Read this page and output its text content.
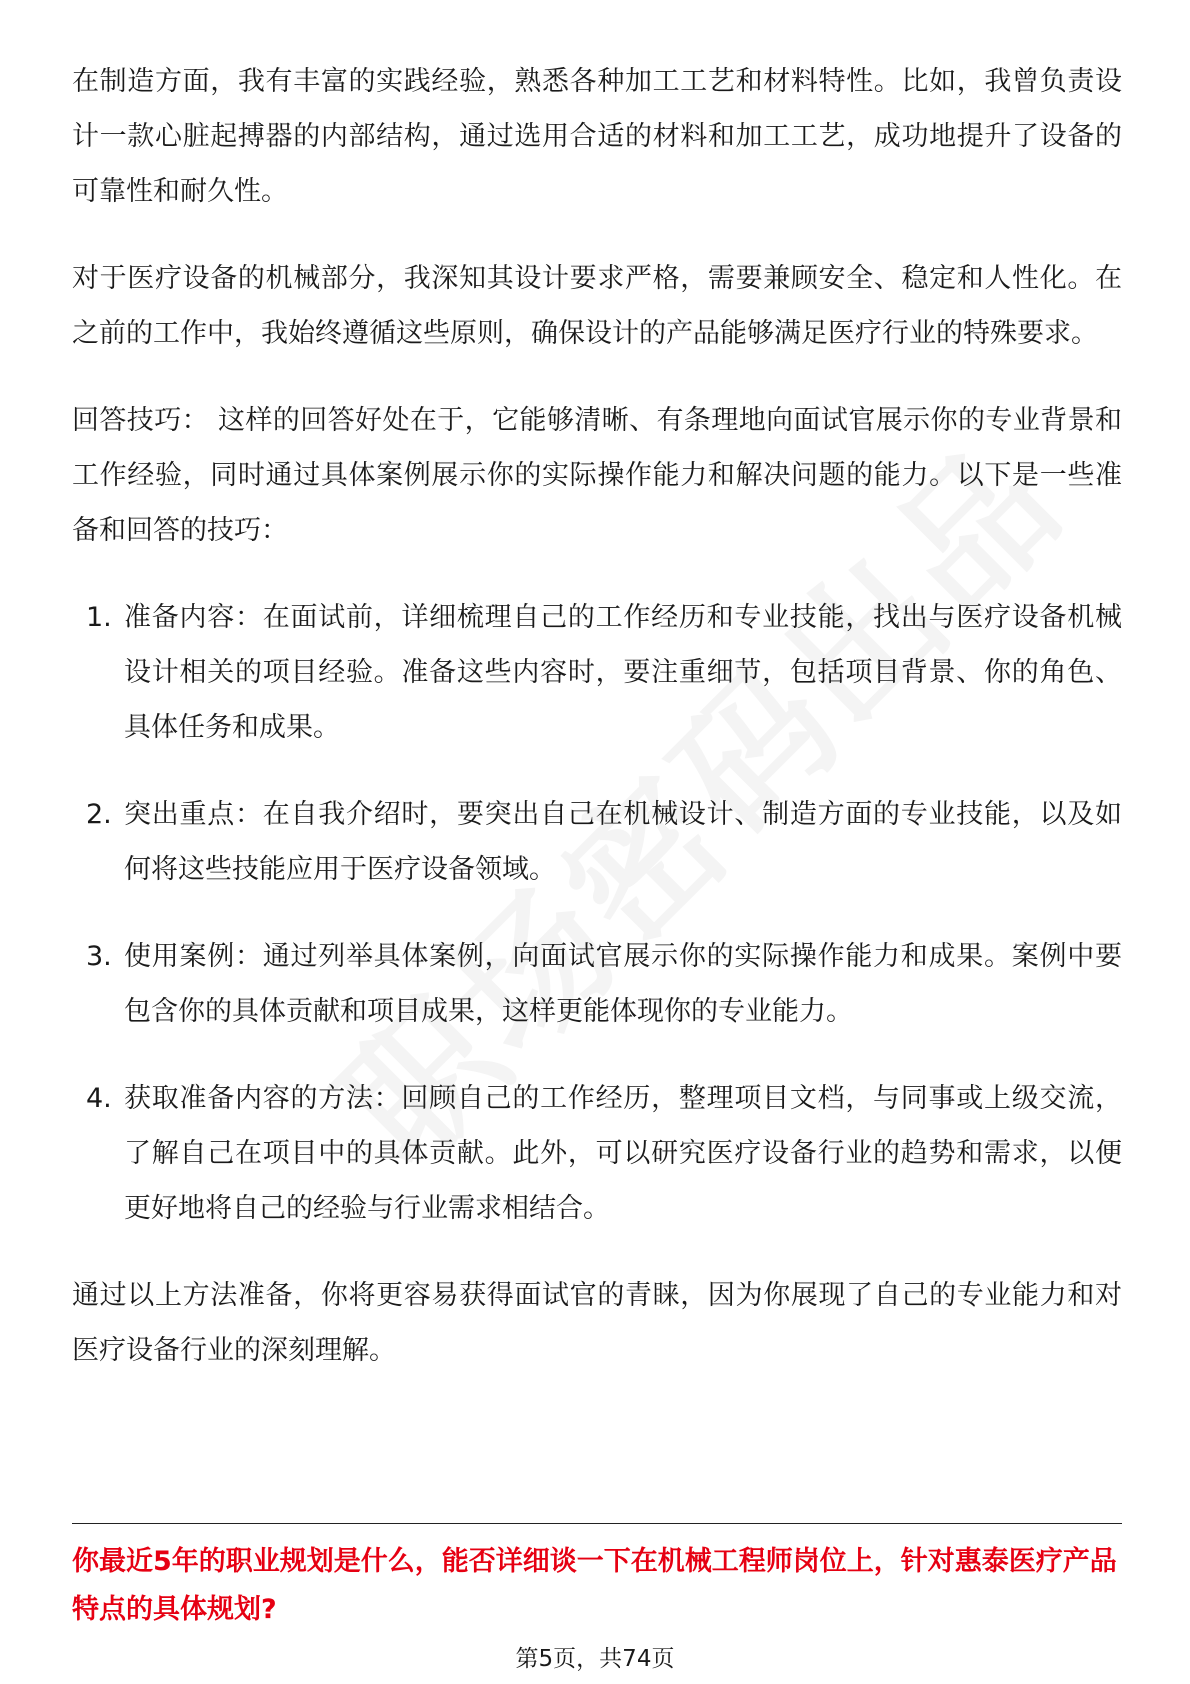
在制造方面，我有丰富的实践经验，熟悉各种加工工艺和材料特性。比如，我曾负责设计一款心脏起搏器的内部结构，通过选用合适的材料和加工工艺，成功地提升了设备的可靠性和耐久性。

对于医疗设备的机械部分，我深知其设计要求严格，需要兼顾安全、稳定和人性化。在之前的工作中，我始终遵循这些原则，确保设计的产品能够满足医疗行业的特殊要求。

回答技巧： 这样的回答好处在于，它能够清晰、有条理地向面试官展示你的专业背景和工作经验，同时通过具体案例展示你的实际操作能力和解决问题的能力。以下是一些准备和回答的技巧：

1. 准备内容：在面试前，详细梳理自己的工作经历和专业技能，找出与医疗设备机械设计相关的项目经验。准备这些内容时，要注重细节，包括项目背景、你的角色、具体任务和成果。
2. 突出重点：在自我介绍时，要突出自己在机械设计、制造方面的专业技能，以及如何将这些技能应用于医疗设备领域。
3. 使用案例：通过列举具体案例，向面试官展示你的实际操作能力和成果。案例中要包含你的具体贡献和项目成果，这样更能体现你的专业能力。
4. 获取准备内容的方法：回顾自己的工作经历，整理项目文档，与同事或上级交流，了解自己在项目中的具体贡献。此外，可以研究医疗设备行业的趋势和需求，以便更好地将自己的经验与行业需求相结合。

通过以上方法准备，你将更容易获得面试官的青睐，因为你展现了自己的专业能力和对医疗设备行业的深刻理解。

你最近5年的职业规划是什么，能否详细谈一下在机械工程师岗位上，针对惠泰医疗产品特点的具体规划?
第5页，共74页
